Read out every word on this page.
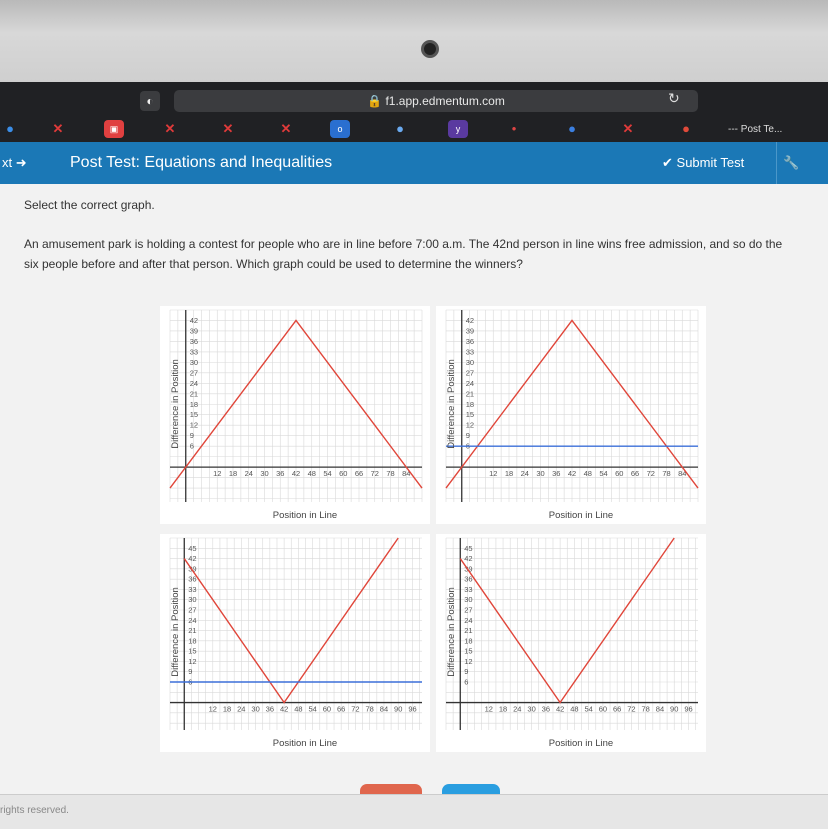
◐	🔒 f1.app.edmentum.com	↻
●	✕	▣	✕	✕	✕	o	●	y	•	●	✕	●	--- Post Te...
xt ➜	Post Test: Equations and Inequalities	✔ Submit Test	🔧
Select the correct graph.
An amusement park is holding a contest for people who are in line before 7:00 a.m. The 42nd person in line wins free admission, and so do the
six people before and after that person. Which graph could be used to determine the winners?
12 18 24 30 36 42 48 54 60 66 72 78 84
6
9
12
15
18
21
24
27
30
33
36
39
42
Position in Line
Difference in Position
12 18 24 30 36 42 48 54 60 66 72 78 84
6
9
12
15
18
21
24
27
30
33
36
39
42
Position in Line
Difference in Position
12 18 24 30 36 42 48 54 60 66 72 78 84 90 96
6
9
12
15
18
21
24
27
30
33
36
39
42
45
Position in Line
Difference in Position
12 18 24 30 36 42 48 54 60 66 72 78 84 90 96
6
9
12
15
18
21
24
27
30
33
36
39
42
45
Position in Line
Difference in Position
rights reserved.
